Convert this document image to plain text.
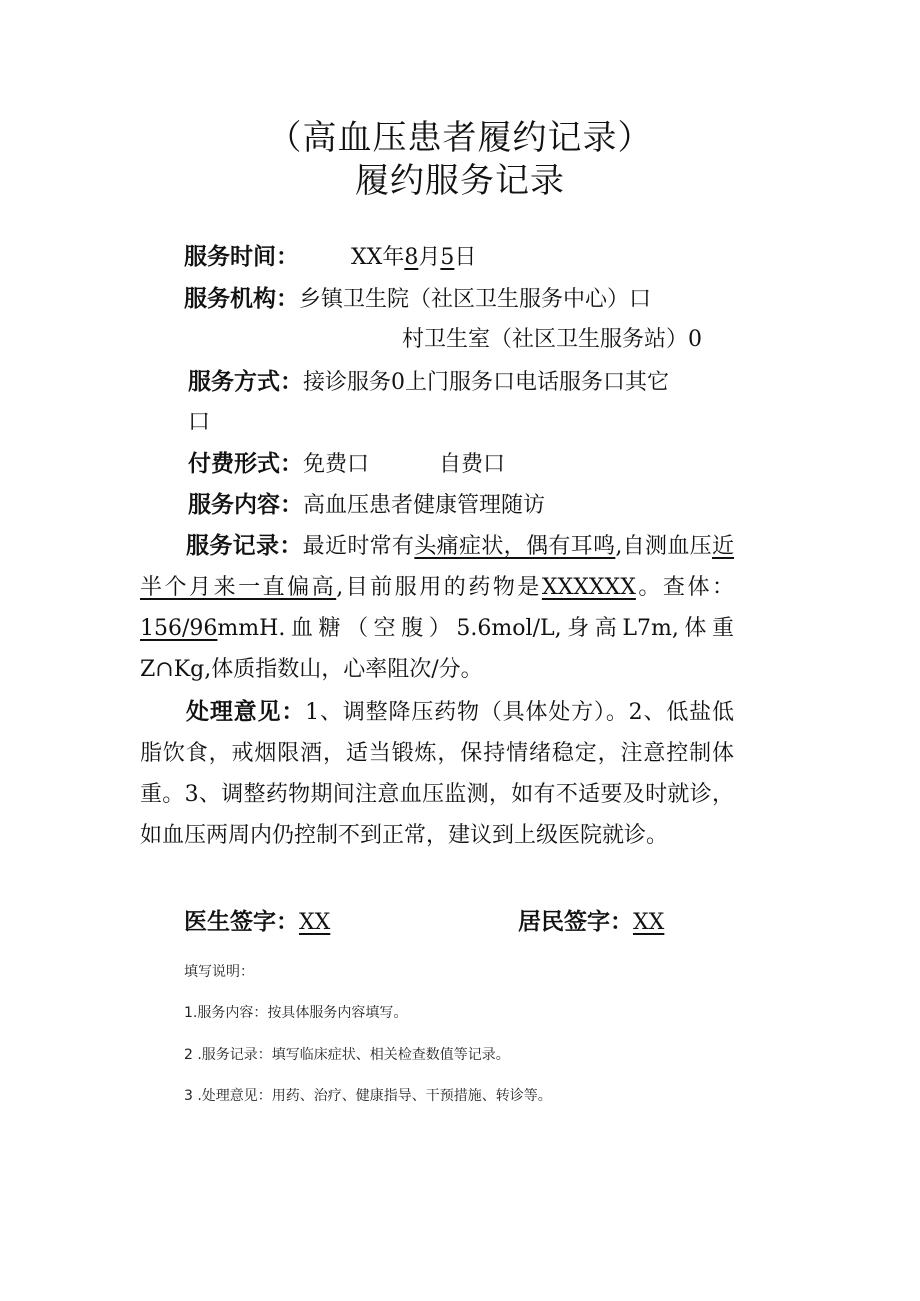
（高血压患者履约记录）
履约服务记录
服务时间： XX年8月5日
服务机构：乡镇卫生院（社区卫生服务中心）口
村卫生室（社区卫生服务站）0
服务方式：接诊服务0上门服务口电话服务口其它
口
付费形式：免费口	自费口
服务内容：高血压患者健康管理随访
服务记录：最近时常有头痛症状，偶有耳鸣,自测血压近半个月来一直偏高,目前服用的药物是XXXXXX。查体：156/96mmH.血糖（空腹）5.6mol/L,身高L7m,体重Z∩Kg,体质指数山，心率阻次/分。
处理意见：1、调整降压药物（具体处方）。2、低盐低脂饮食，戒烟限酒，适当锻炼，保持情绪稳定，注意控制体重。3、调整药物期间注意血压监测，如有不适要及时就诊，如血压两周内仍控制不到正常，建议到上级医院就诊。
医生签字：XX	居民签字：XX
填写说明：
1.服务内容：按具体服务内容填写。
2 .服务记录：填写临床症状、相关检查数值等记录。
3 .处理意见：用药、治疗、健康指导、干预措施、转诊等。
